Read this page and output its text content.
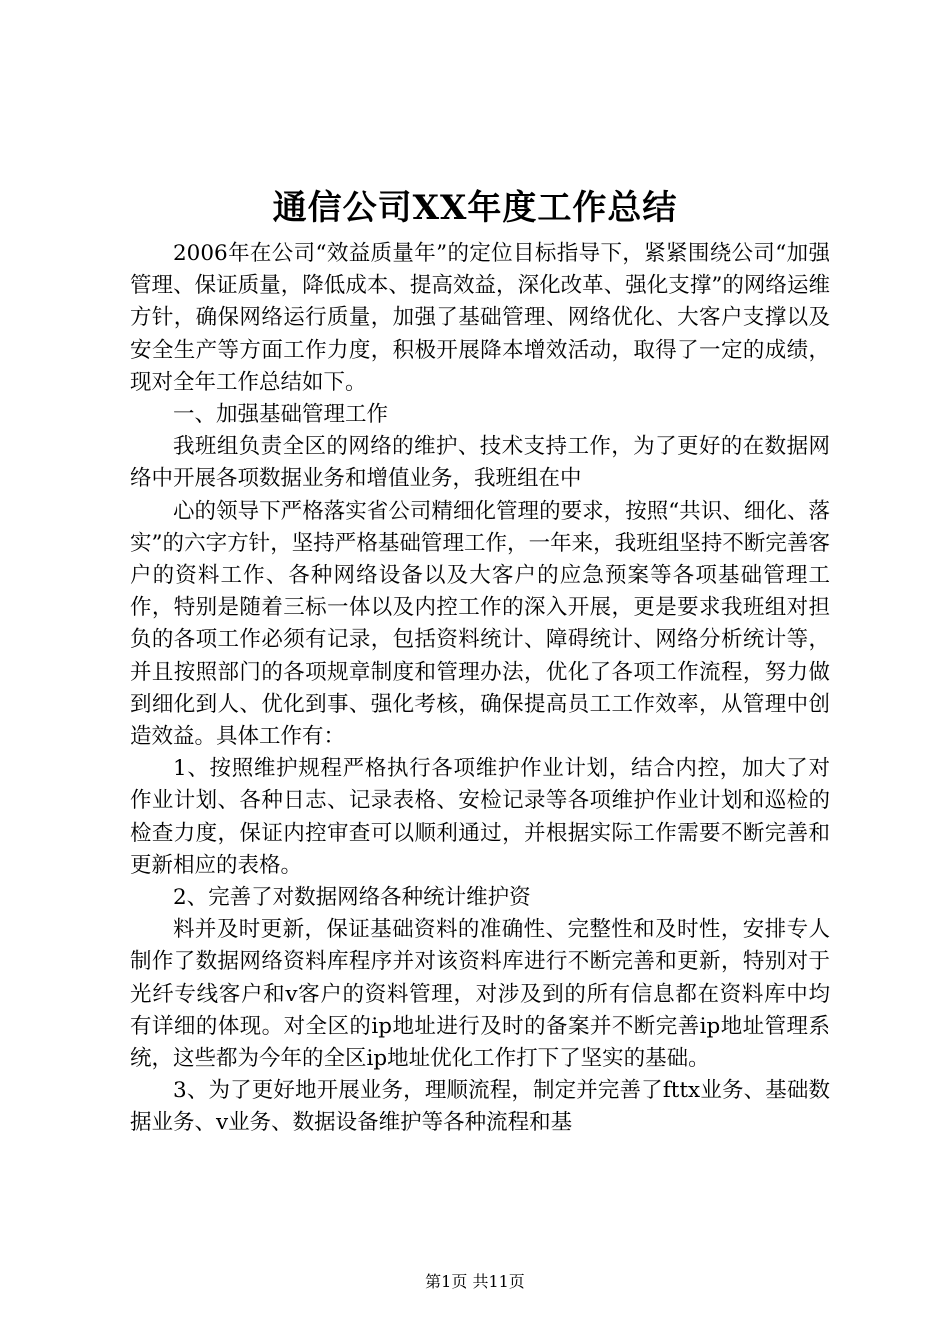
通信公司XX年度工作总结

2006年在公司“效益质量年”的定位目标指导下，紧紧围绕公司“加强管理、保证质量，降低成本、提高效益，深化改革、强化支撑”的网络运维方针，确保网络运行质量，加强了基础管理、网络优化、大客户支撑以及安全生产等方面工作力度，积极开展降本增效活动，取得了一定的成绩，现对全年工作总结如下。

一、加强基础管理工作

我班组负责全区的网络的维护、技术支持工作，为了更好的在数据网络中开展各项数据业务和增值业务，我班组在中

心的领导下严格落实省公司精细化管理的要求，按照“共识、细化、落实”的六字方针，坚持严格基础管理工作，一年来，我班组坚持不断完善客户的资料工作、各种网络设备以及大客户的应急预案等各项基础管理工作，特别是随着三标一体以及内控工作的深入开展，更是要求我班组对担负的各项工作必须有记录，包括资料统计、障碍统计、网络分析统计等，并且按照部门的各项规章制度和管理办法，优化了各项工作流程，努力做到细化到人、优化到事、强化考核，确保提高员工工作效率，从管理中创造效益。具体工作有：

1、按照维护规程严格执行各项维护作业计划，结合内控，加大了对作业计划、各种日志、记录表格、安检记录等各项维护作业计划和巡检的检查力度，保证内控审查可以顺利通过，并根据实际工作需要不断完善和更新相应的表格。

2、完善了对数据网络各种统计维护资

料并及时更新，保证基础资料的准确性、完整性和及时性，安排专人制作了数据网络资料库程序并对该资料库进行不断完善和更新，特别对于光纤专线客户和v客户的资料管理，对涉及到的所有信息都在资料库中均有详细的体现。对全区的ip地址进行及时的备案并不断完善ip地址管理系统，这些都为今年的全区ip地址优化工作打下了坚实的基础。

3、为了更好地开展业务，理顺流程，制定并完善了fttx业务、基础数据业务、v业务、数据设备维护等各种流程和基

第1页 共11页
